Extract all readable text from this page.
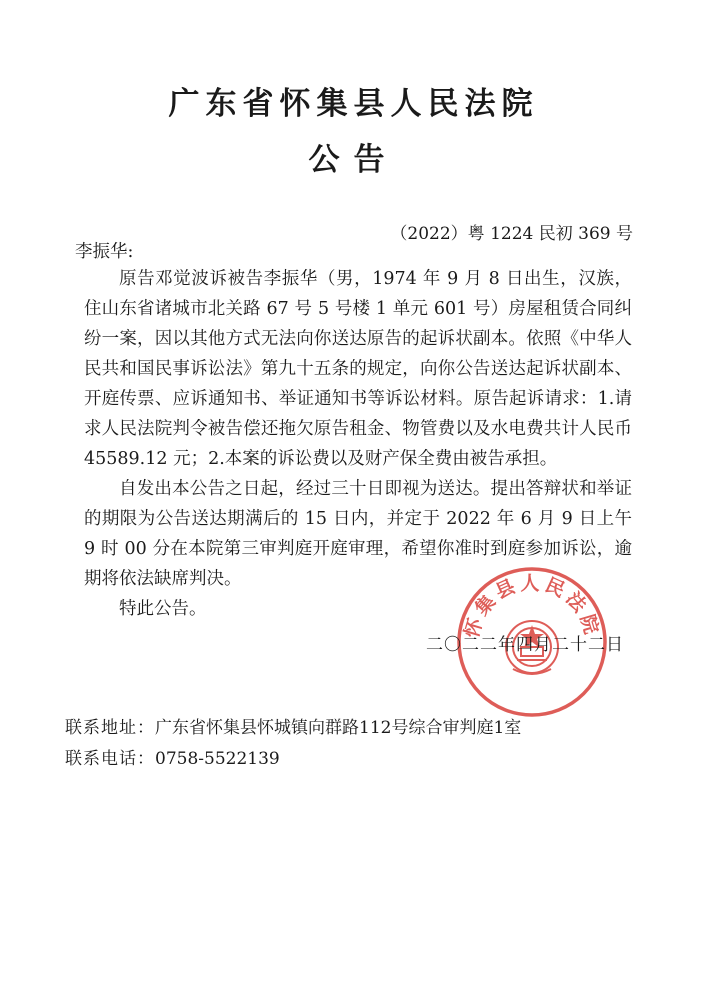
广东省怀集县人民法院
公告
（2022）粤 1224 民初 369 号
李振华:

原告邓觉波诉被告李振华（男，1974 年 9 月 8 日出生，汉族，住山东省诸城市北关路 67 号 5 号楼 1 单元 601 号）房屋租赁合同纠纷一案，因以其他方式无法向你送达原告的起诉状副本。依照《中华人民共和国民事诉讼法》第九十五条的规定，向你公告送达起诉状副本、开庭传票、应诉通知书、举证通知书等诉讼材料。原告起诉请求：1.请求人民法院判令被告偿还拖欠原告租金、物管费以及水电费共计人民币 45589.12 元；2.本案的诉讼费以及财产保全费由被告承担。

自发出本公告之日起，经过三十日即视为送达。提出答辩状和举证的期限为公告送达期满后的 15 日内，并定于 2022 年 6 月 9 日上午 9 时 00 分在本院第三审判庭开庭审理，希望你准时到庭参加诉讼，逾期将依法缺席判决。

特此公告。

怀集县人民法院
二〇二二年四月二十二日
联系地址：广东省怀集县怀城镇向群路112号综合审判庭1室
联系电话：0758-5522139
